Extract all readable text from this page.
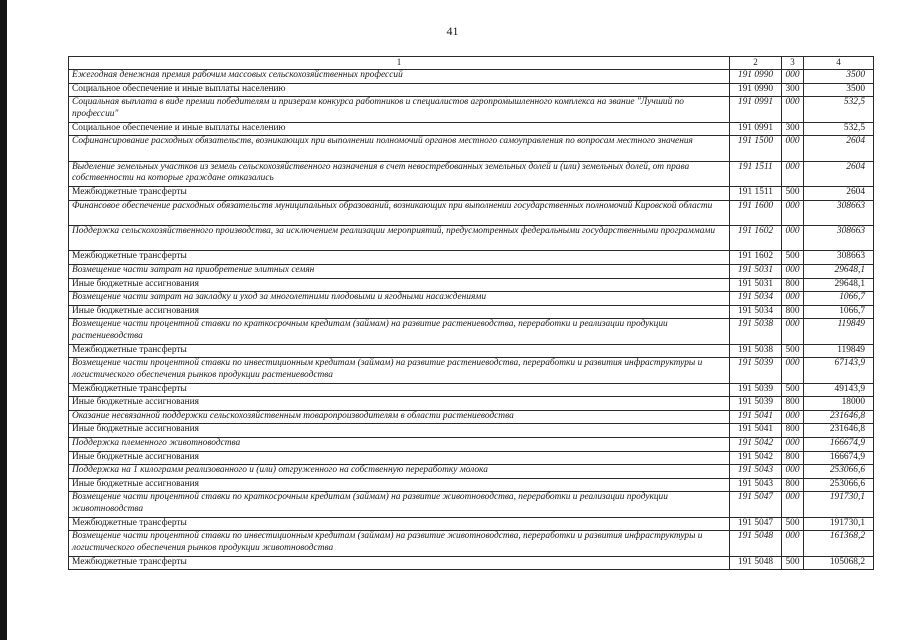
41
1	2	3	4
Ежегодная денежная премия рабочим массовых сельскохозяйственных профессий	191 0990	000	3500
Социальное обеспечение и иные выплаты населению	191 0990	300	3500
Социальная выплата в виде премии победителям и призерам конкурса работников и специалистов агропромышленного комплекса на звание "Лучший по профессии"	191 0991	000	532,5
Социальное обеспечение и иные выплаты населению	191 0991	300	532,5
Софинансирование расходных обязательств, возникающих при выполнении полномочий органов местного самоуправления по вопросам местного значения	191 1500	000	2604
Выделение земельных участков из земель сельскохозяйственного назначения в счет невостребованных земельных долей и (или) земельных долей, от права собственности на которые граждане отказались	191 1511	000	2604
Межбюджетные трансферты	191 1511	500	2604
Финансовое обеспечение расходных обязательств муниципальных образований, возникающих при выполнении государственных полномочий Кировской области	191 1600	000	308663
Поддержка сельскохозяйственного производства, за исключением реализации мероприятий, предусмотренных федеральными государственными программами	191 1602	000	308663
Межбюджетные трансферты	191 1602	500	308663
Возмещение части затрат на приобретение элитных семян	191 5031	000	29648,1
Иные бюджетные ассигнования	191 5031	800	29648,1
Возмещение части затрат на закладку и уход за многолетними плодовыми и ягодными насаждениями	191 5034	000	1066,7
Иные бюджетные ассигнования	191 5034	800	1066,7
Возмещение части процентной ставки по краткосрочным кредитам (займам) на развитие растениеводства, переработки и реализации продукции растениеводства	191 5038	000	119849
Межбюджетные трансферты	191 5038	500	119849
Возмещение части процентной ставки по инвестиционным кредитам (займам) на развитие растениеводства, переработки и развития инфраструктуры и логистического обеспечения рынков продукции растениеводства	191 5039	000	67143,9
Межбюджетные трансферты	191 5039	500	49143,9
Иные бюджетные ассигнования	191 5039	800	18000
Оказание несвязанной поддержки сельскохозяйственным товаропроизводителям в области растениеводства	191 5041	000	231646,8
Иные бюджетные ассигнования	191 5041	800	231646,8
Поддержка племенного животноводства	191 5042	000	166674,9
Иные бюджетные ассигнования	191 5042	800	166674,9
Поддержка на 1 килограмм реализованного и (или) отгруженного на собственную переработку молока	191 5043	000	253066,6
Иные бюджетные ассигнования	191 5043	800	253066,6
Возмещение части процентной ставки по краткосрочным кредитам (займам) на развитие животноводства, переработки и реализации продукции животноводства	191 5047	000	191730,1
Межбюджетные трансферты	191 5047	500	191730,1
Возмещение части процентной ставки по инвестиционным кредитам (займам) на развитие животноводства, переработки и развития инфраструктуры и логистического обеспечения рынков продукции животноводства	191 5048	000	161368,2
Межбюджетные трансферты	191 5048	500	105068,2
